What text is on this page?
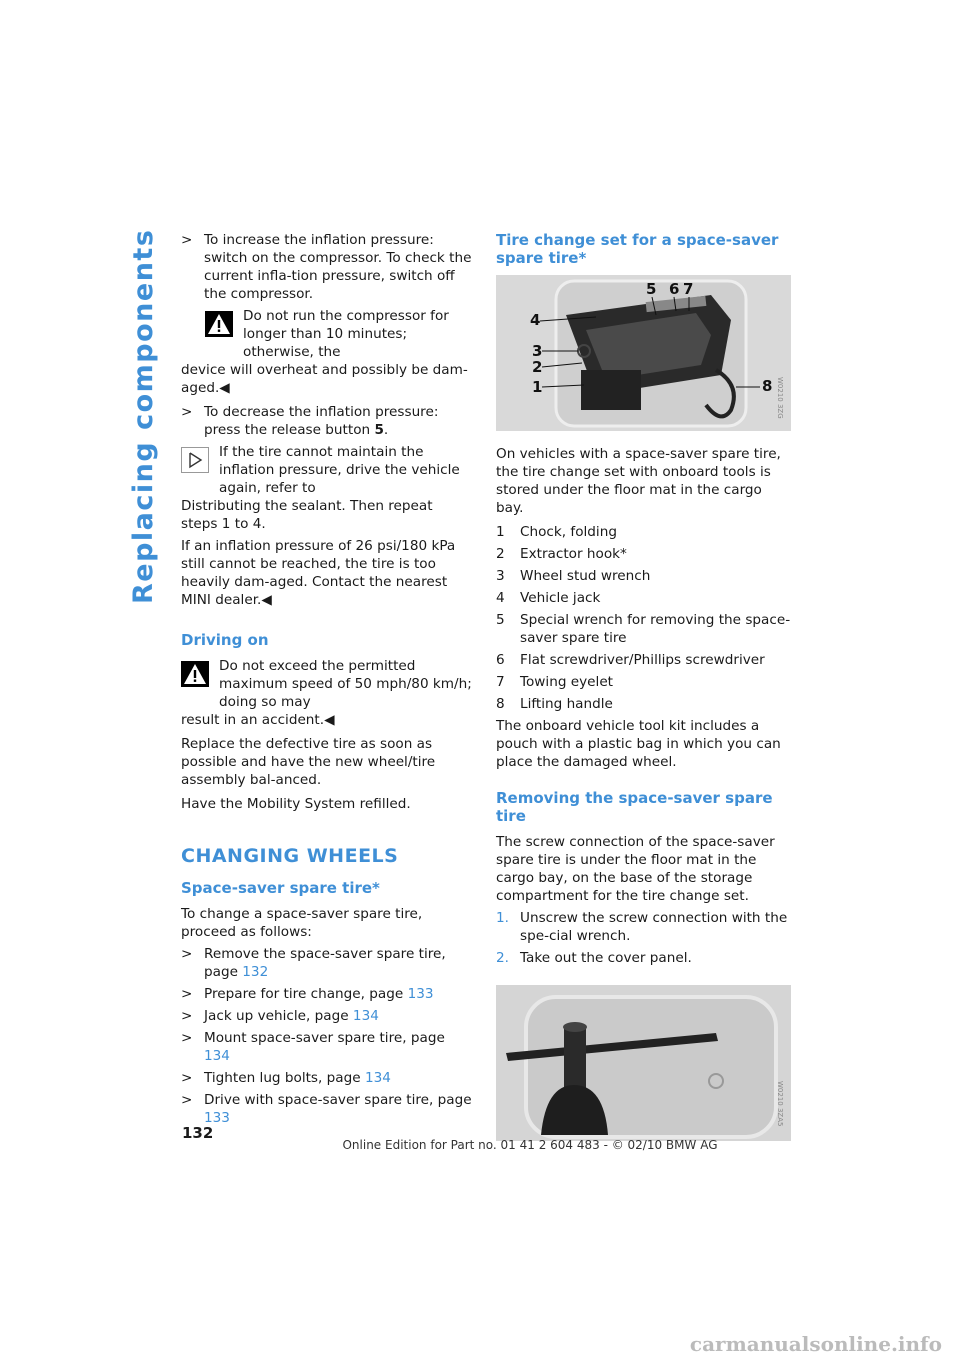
Replacing components > To increase the inflation pressure: switch on the compressor. To check the current infla-tion pressure, switch off the compressor.
Do not run the compressor for longer than 10 minutes; otherwise, the
device will overheat and possibly be dam-aged.◀
> To decrease the inflation pressure: press the release button 5.
If the tire cannot maintain the inflation pressure, drive the vehicle again, refer to
Distributing the sealant. Then repeat steps 1 to 4.

If an inflation pressure of 26 psi/180 kPa still cannot be reached, the tire is too heavily dam-aged. Contact the nearest MINI dealer.◀

Driving on
Do not exceed the permitted maximum speed of 50 mph/80 km/h; doing so may
result in an accident.◀

Replace the defective tire as soon as possible and have the new wheel/tire assembly bal-anced.

Have the Mobility System refilled.

CHANGING WHEELS
Space-saver spare tire*

To change a space-saver spare tire, proceed as follows:

> Remove the space-saver spare tire, page 132
> Prepare for tire change, page 133
> Jack up vehicle, page 134
> Mount space-saver spare tire, page 134
> Tighten lug bolts, page 134
> Drive with space-saver spare tire, page 133
Tire change set for a space-saver spare tire*
1
2
3
4
5 6 7
8 W0210 3ZG

On vehicles with a space-saver spare tire, the tire change set with onboard tools is stored under the floor mat in the cargo bay.

1	Chock, folding
2	Extractor hook*
3	Wheel stud wrench
4	Vehicle jack
5	Special wrench for removing the space-saver spare tire
6	Flat screwdriver/Phillips screwdriver
7	Towing eyelet
8	Lifting handle

The onboard vehicle tool kit includes a pouch with a plastic bag in which you can place the damaged wheel.

Removing the space-saver spare tire

The screw connection of the space-saver spare tire is under the floor mat in the cargo bay, on the base of the storage compartment for the tire change set.

1. Unscrew the screw connection with the spe-cial wrench.
2. Take out the cover panel.
W0210 3ZA5
132
Online Edition for Part no. 01 41 2 604 483 - © 02/10 BMW AG
carmanualsonline.info
